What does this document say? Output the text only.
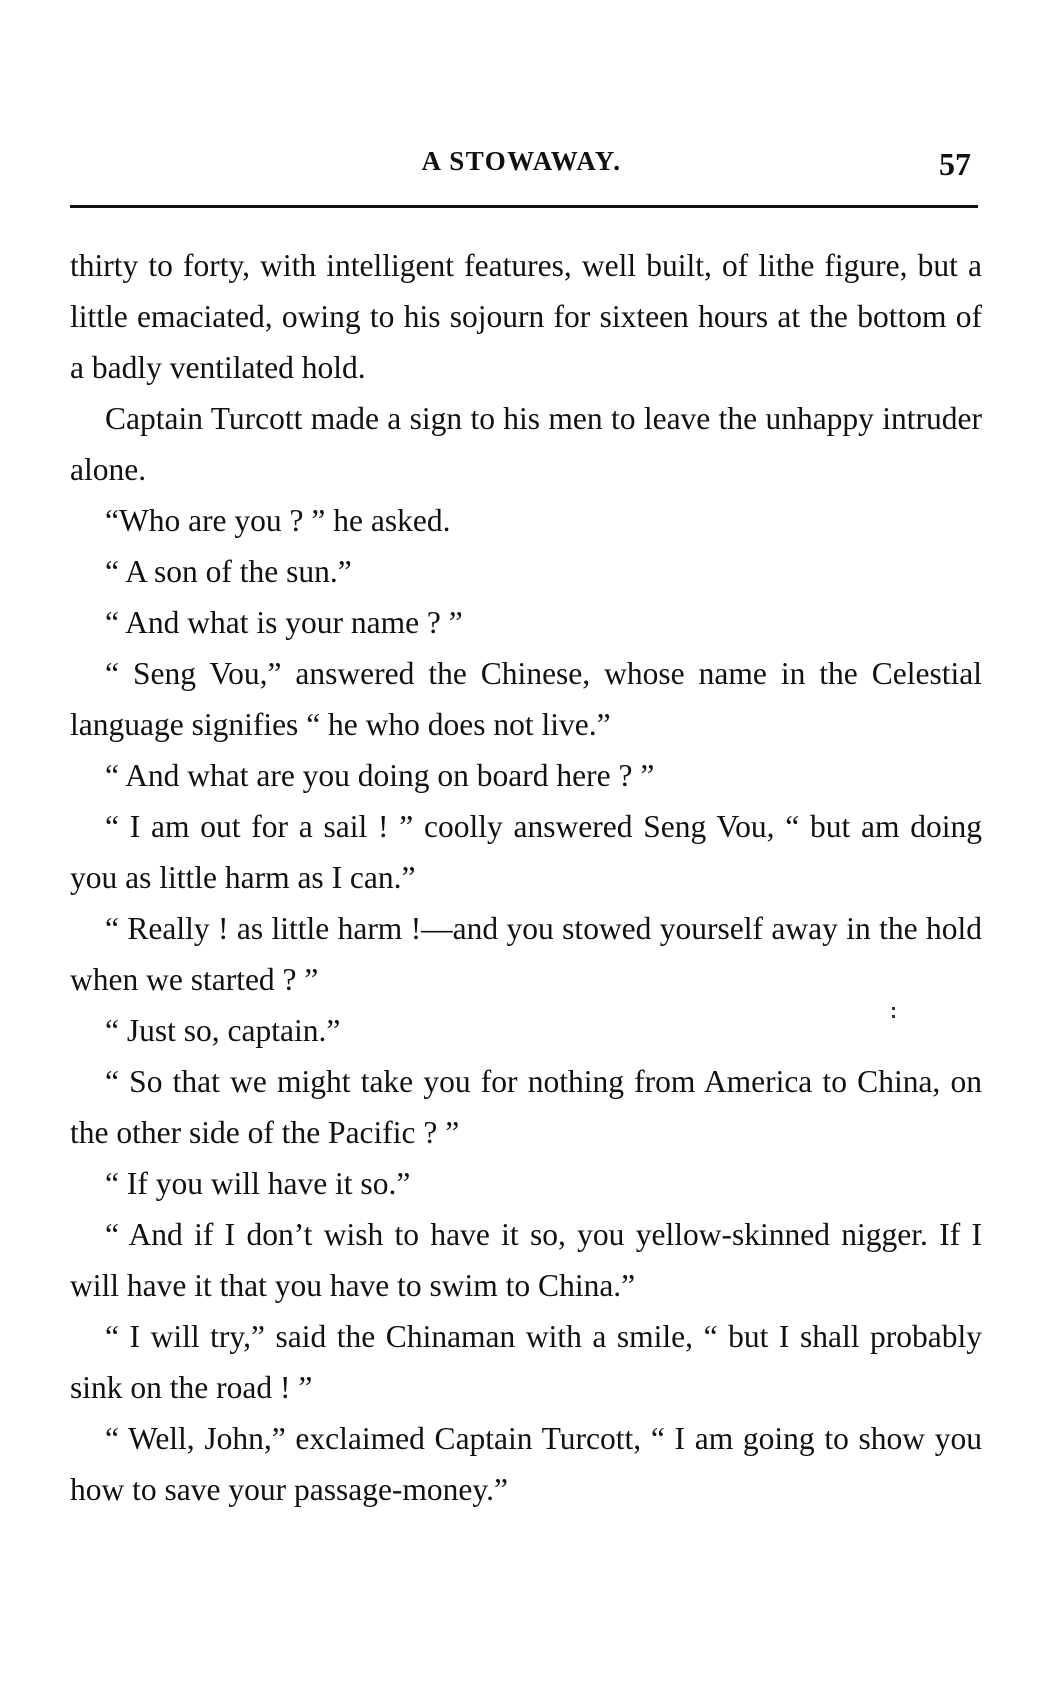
A STOWAWAY.	57

thirty to forty, with intelligent features, well built, of lithe figure, but a little emaciated, owing to his sojourn for sixteen hours at the bottom of a badly ventilated hold.

Captain Turcott made a sign to his men to leave the unhappy intruder alone.

“Who are you ? ” he asked.

“ A son of the sun.”

“ And what is your name ? ”

“ Seng Vou,” answered the Chinese, whose name in the Celestial language signifies “ he who does not live.”

“ And what are you doing on board here ? ”

“ I am out for a sail ! ” coolly answered Seng Vou, “ but am doing you as little harm as I can.”

“ Really ! as little harm !—and you stowed yourself away in the hold when we started ? ”

“ Just so, captain.”

“ So that we might take you for nothing from America to China, on the other side of the Pacific ? ”

“ If you will have it so.”

“ And if I don’t wish to have it so, you yellow-skinned nigger. If I will have it that you have to swim to China.”

“ I will try,” said the Chinaman with a smile, “ but I shall probably sink on the road ! ”

“ Well, John,” exclaimed Captain Turcott, “ I am going to show you how to save your passage-money.”
